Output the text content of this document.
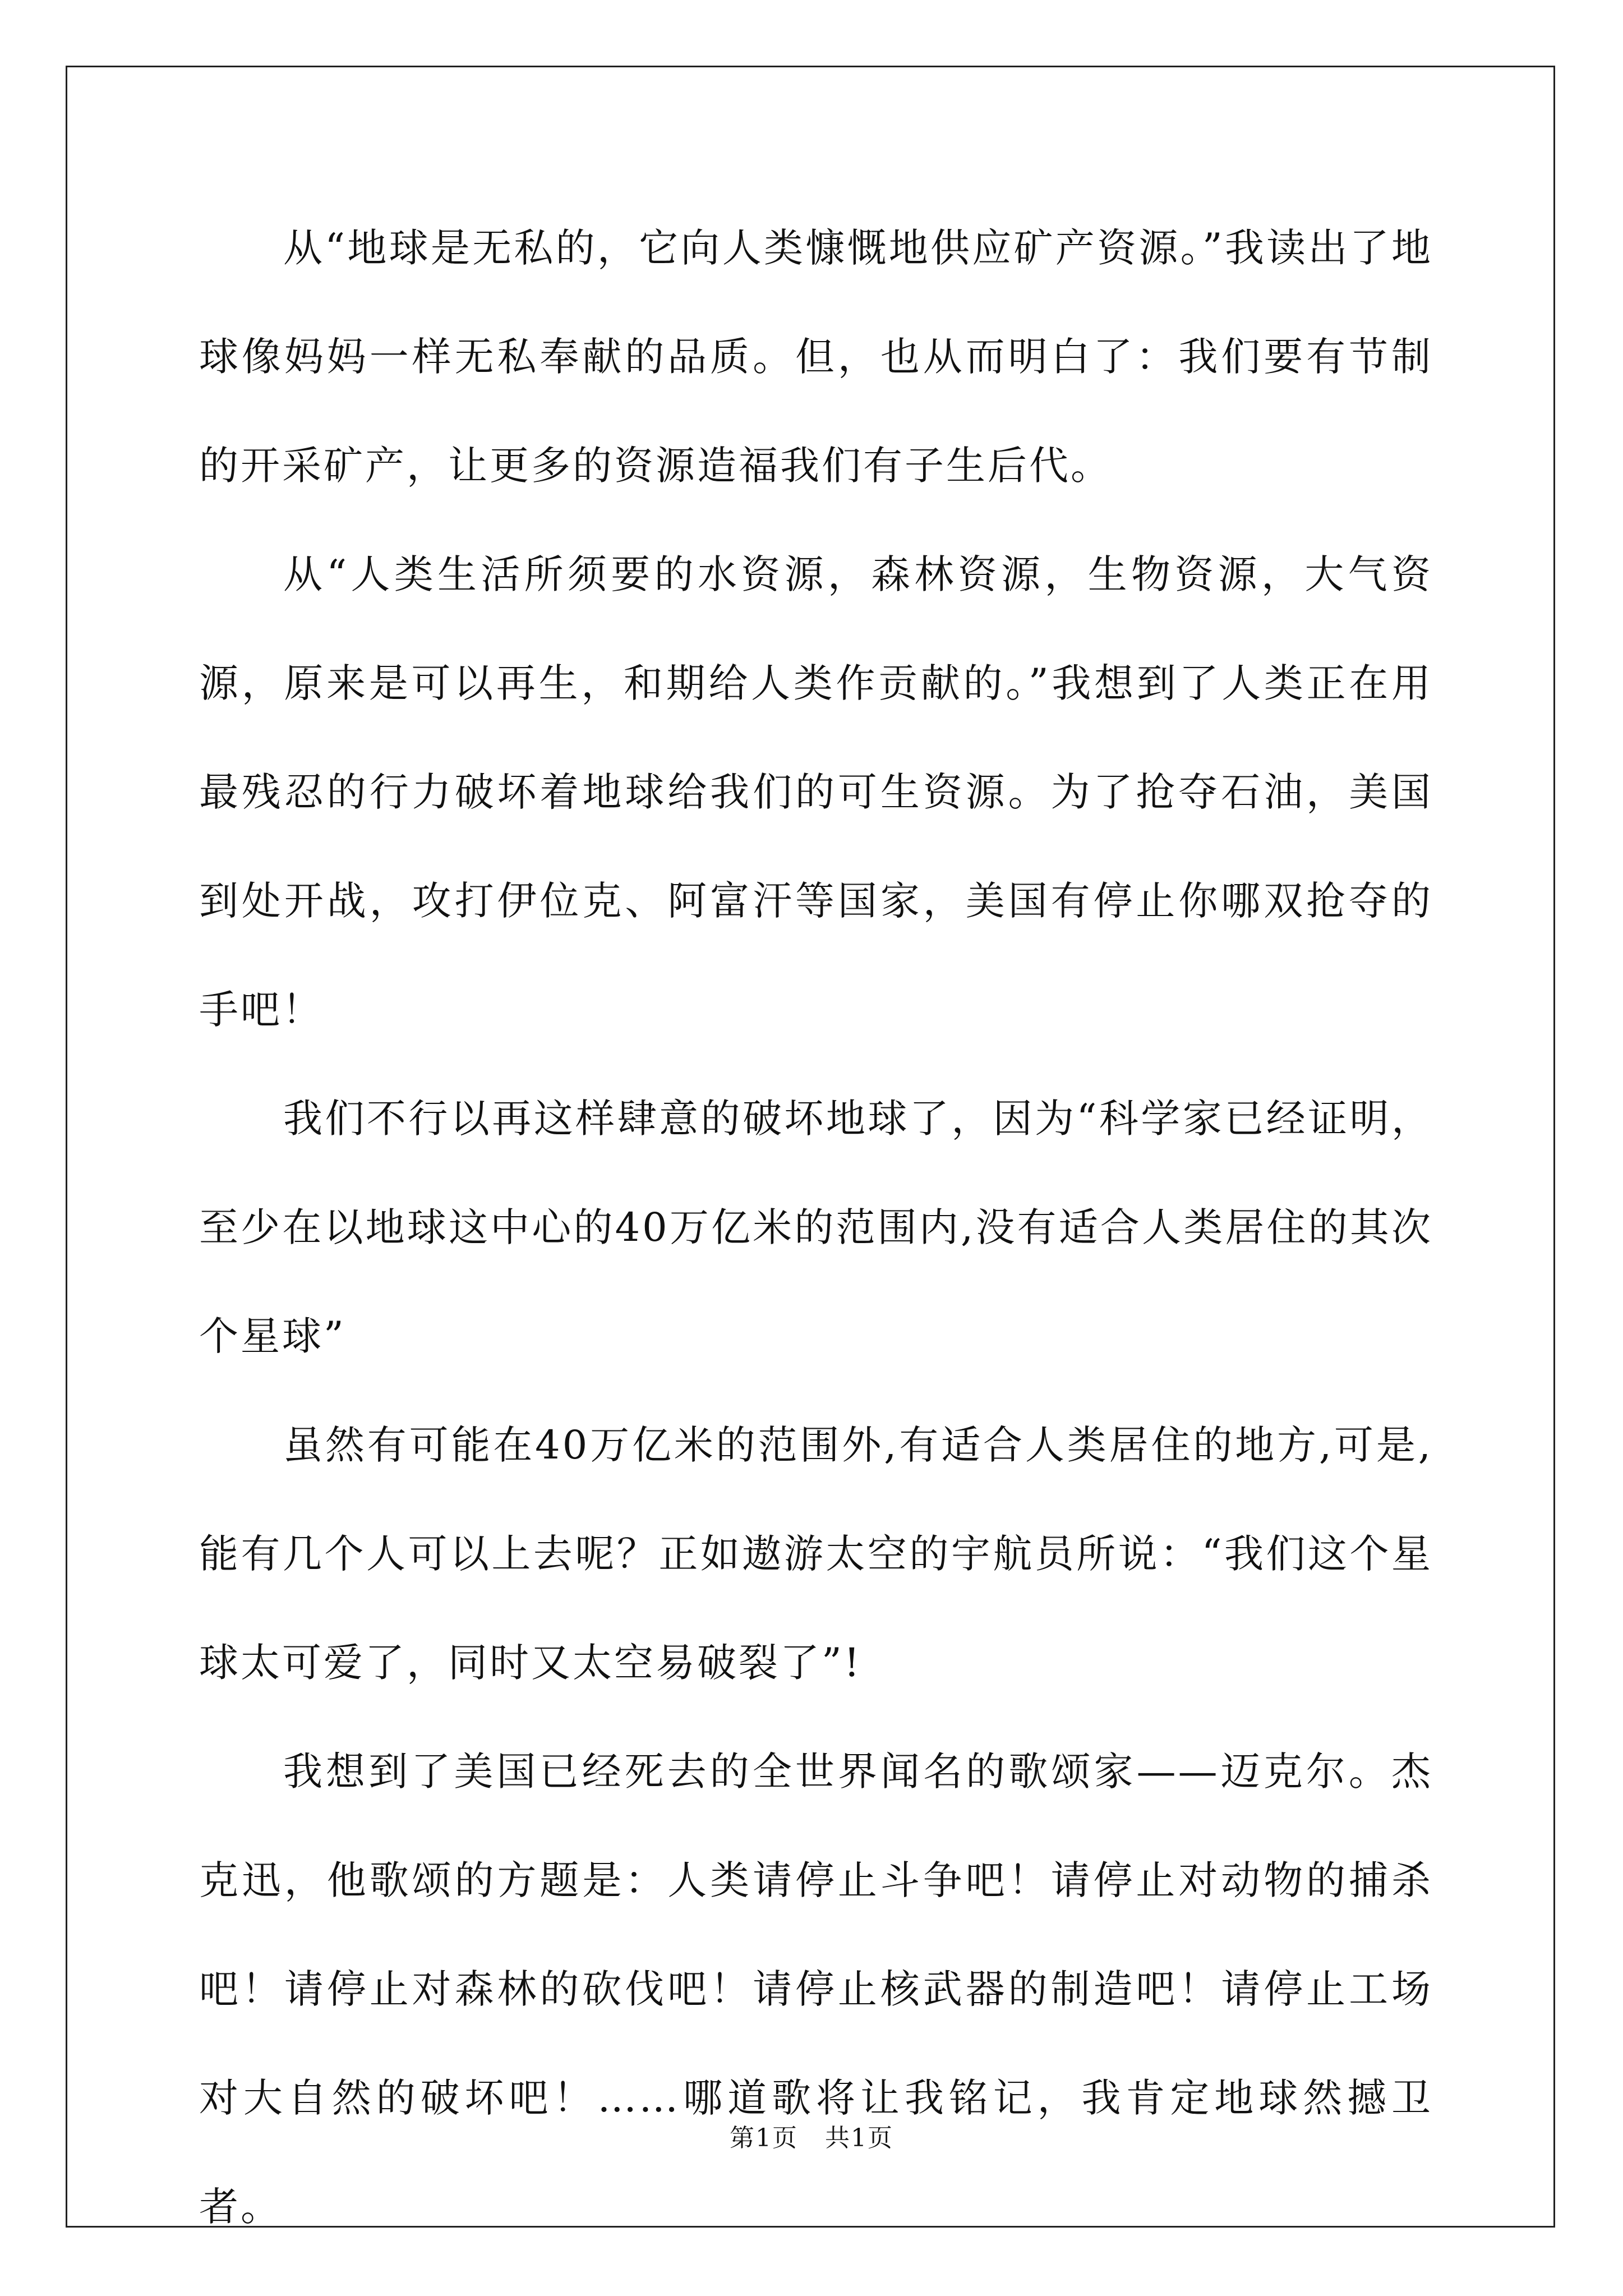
从“地球是无私的，它向人类慷慨地供应矿产资源。”我读出了地球像妈妈一样无私奉献的品质。但，也从而明白了：我们要有节制的开采矿产，让更多的资源造福我们有子生后代。

从“人类生活所须要的水资源，森林资源，生物资源，大气资源，原来是可以再生，和期给人类作贡献的。”我想到了人类正在用最残忍的行力破坏着地球给我们的可生资源。为了抢夺石油，美国到处开战，攻打伊位克、阿富汗等国家，美国有停止你哪双抢夺的手吧！

我们不行以再这样肆意的破坏地球了，因为“科学家已经证明，至少在以地球这中心的40万亿米的范围内,没有适合人类居住的其次个星球”

虽然有可能在40万亿米的范围外,有适合人类居住的地方,可是,能有几个人可以上去呢？正如遨游太空的宇航员所说：“我们这个星球太可爱了，同时又太空易破裂了”!

我想到了美国已经死去的全世界闻名的歌颂家——迈克尔。杰克迅，他歌颂的方题是：人类请停止斗争吧！请停止对动物的捕杀吧！请停止对森林的砍伐吧！请停止核武器的制造吧！请停止工场对大自然的破坏吧！……哪道歌将让我铭记，我肯定地球然撼卫者。

第1页 共1页
